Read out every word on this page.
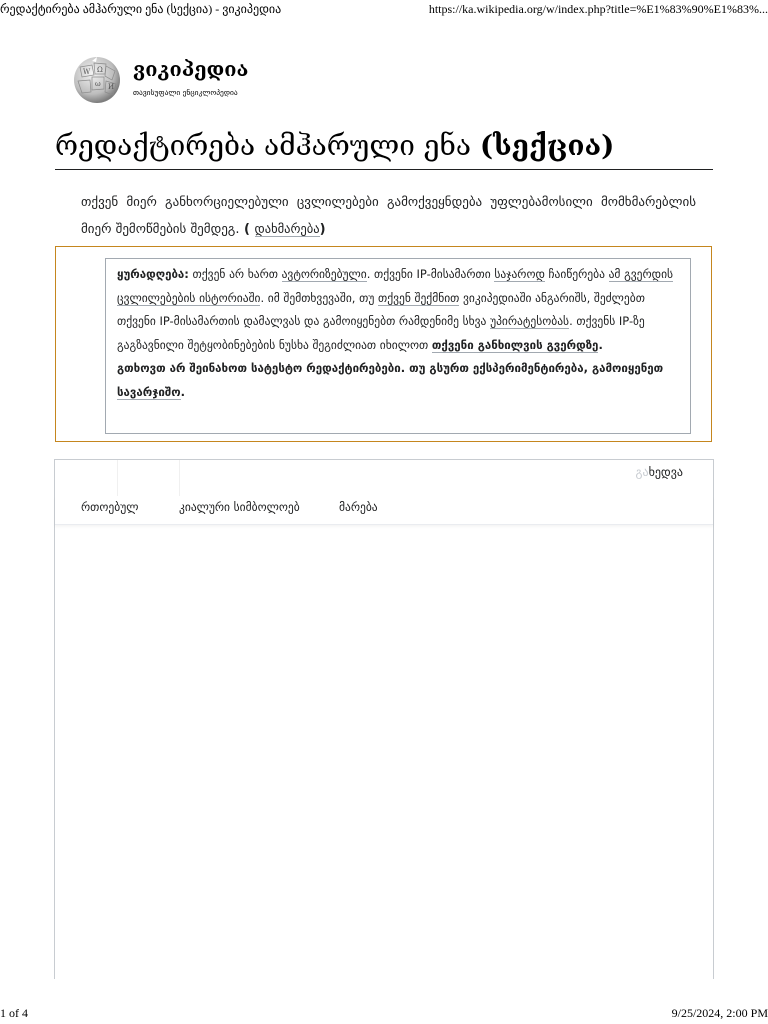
რედაქტირება ამჰარული ენა (სექცია) - ვიკიპედია	https://ka.wikipedia.org/w/index.php?title=%E1%83%90%E1%83%...
W Ω
ω И
ვიკიპედია
თავისუფალი ენციკლოპედია
რედაქტირება ამჰარული ენა (სექცია)
თქვენ მიერ განხორციელებული ცვლილებები გამოქვეყნდება უფლებამოსილი მომხმარებლის მიერ შემოწმების შემდეგ. ( დახმარება)
ყურადღება: თქვენ არ ხართ ავტორიზებული. თქვენი IP-მისამართი საჯაროდ ჩაიწერება ამ გვერდის ცვლილებების ისტორიაში. იმ შემთხვევაში, თუ თქვენ შექმნით ვიკიპედიაში ანგარიშს, შეძლებთ თქვენი IP-მისამართის დამალვას და გამოიყენებთ რამდენიმე სხვა უპირატესობას. თქვენს IP-ზე გაგზავნილი შეტყობინებების ნუსხა შეგიძლიათ იხილოთ თქვენი განხილვის გვერდზე.
გთხოვთ არ შეინახოთ სატესტო რედაქტირებები. თუ გსურთ ექსპერიმენტირება, გამოიყენეთ სავარჯიშო.
გახედვა
რთოებულ	კიალური სიმბოლოებ	მარება
1 of 4	9/25/2024, 2:00 PM
